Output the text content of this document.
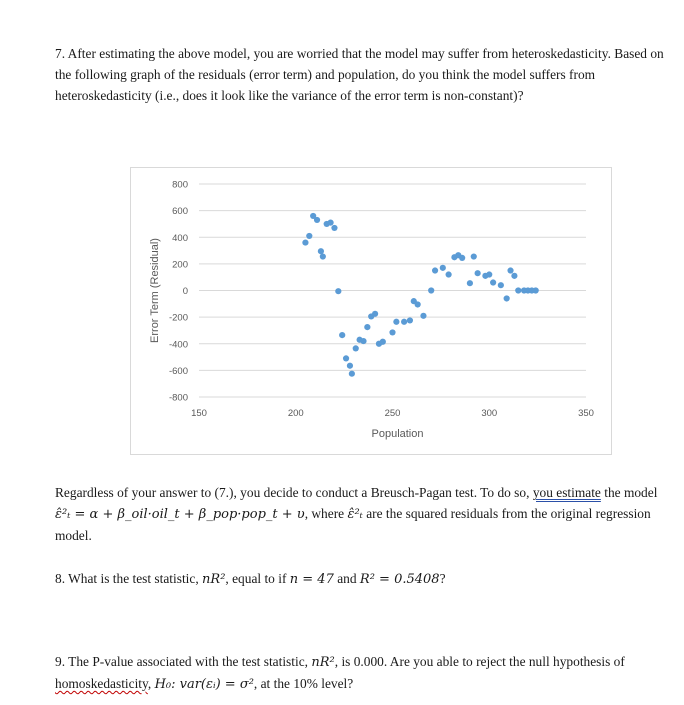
7. After estimating the above model, you are worried that the model may suffer from heteroskedasticity. Based on the following graph of the residuals (error term) and population, do you think the model suffers from heteroskedasticity (i.e., does it look like the variance of the error term is non-constant)?

800
600
400
200
0
-200
-400
-600
-800
150	200	250	300	350
Population
Error Term (Residual)

Regardless of your answer to (7.), you decide to conduct a Breusch-Pagan test. To do so, you estimate the model ε̂²ₜ = α + β_oil·oil_t + β_pop·pop_t + υ, where ε̂²ₜ are the squared residuals from the original regression model.

8. What is the test statistic, nR², equal to if n = 47 and R² = 0.5408?

9. The P-value associated with the test statistic, nR², is 0.000. Are you able to reject the null hypothesis of homoskedasticity, H₀: var(εᵢ) = σ², at the 10% level?
